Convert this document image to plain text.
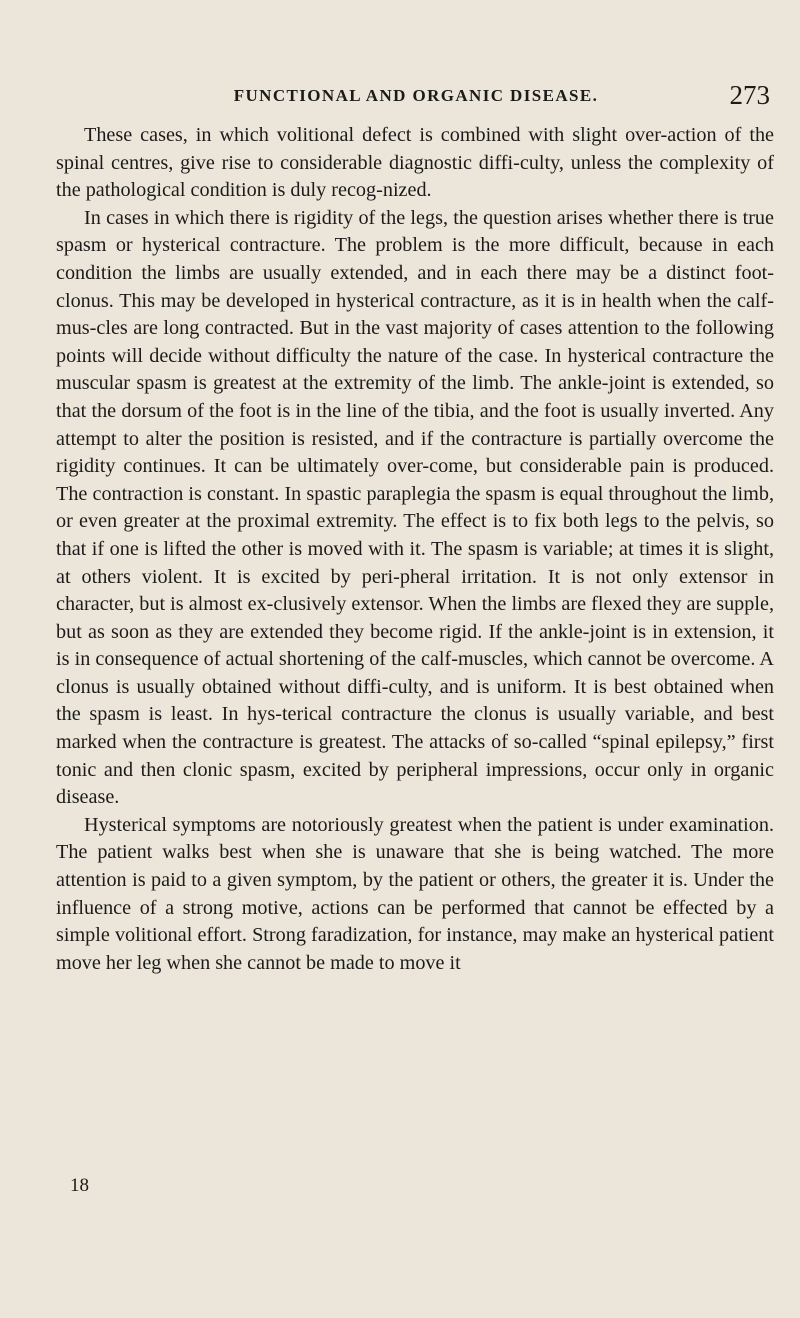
FUNCTIONAL AND ORGANIC DISEASE.	273

These cases, in which volitional defect is combined with slight over-action of the spinal centres, give rise to considerable diagnostic diffi-culty, unless the complexity of the pathological condition is duly recog-nized.

In cases in which there is rigidity of the legs, the question arises whether there is true spasm or hysterical contracture. The problem is the more difficult, because in each condition the limbs are usually extended, and in each there may be a distinct foot-clonus. This may be developed in hysterical contracture, as it is in health when the calf-mus-cles are long contracted. But in the vast majority of cases attention to the following points will decide without difficulty the nature of the case. In hysterical contracture the muscular spasm is greatest at the extremity of the limb. The ankle-joint is extended, so that the dorsum of the foot is in the line of the tibia, and the foot is usually inverted. Any attempt to alter the position is resisted, and if the contracture is partially overcome the rigidity continues. It can be ultimately over-come, but considerable pain is produced. The contraction is constant. In spastic paraplegia the spasm is equal throughout the limb, or even greater at the proximal extremity. The effect is to fix both legs to the pelvis, so that if one is lifted the other is moved with it. The spasm is variable; at times it is slight, at others violent. It is excited by peri-pheral irritation. It is not only extensor in character, but is almost ex-clusively extensor. When the limbs are flexed they are supple, but as soon as they are extended they become rigid. If the ankle-joint is in extension, it is in consequence of actual shortening of the calf-muscles, which cannot be overcome. A clonus is usually obtained without diffi-culty, and is uniform. It is best obtained when the spasm is least. In hys-terical contracture the clonus is usually variable, and best marked when the contracture is greatest. The attacks of so-called “spinal epilepsy,” first tonic and then clonic spasm, excited by peripheral impressions, occur only in organic disease.

Hysterical symptoms are notoriously greatest when the patient is under examination. The patient walks best when she is unaware that she is being watched. The more attention is paid to a given symptom, by the patient or others, the greater it is. Under the influence of a strong motive, actions can be performed that cannot be effected by a simple volitional effort. Strong faradization, for instance, may make an hysterical patient move her leg when she cannot be made to move it

18
